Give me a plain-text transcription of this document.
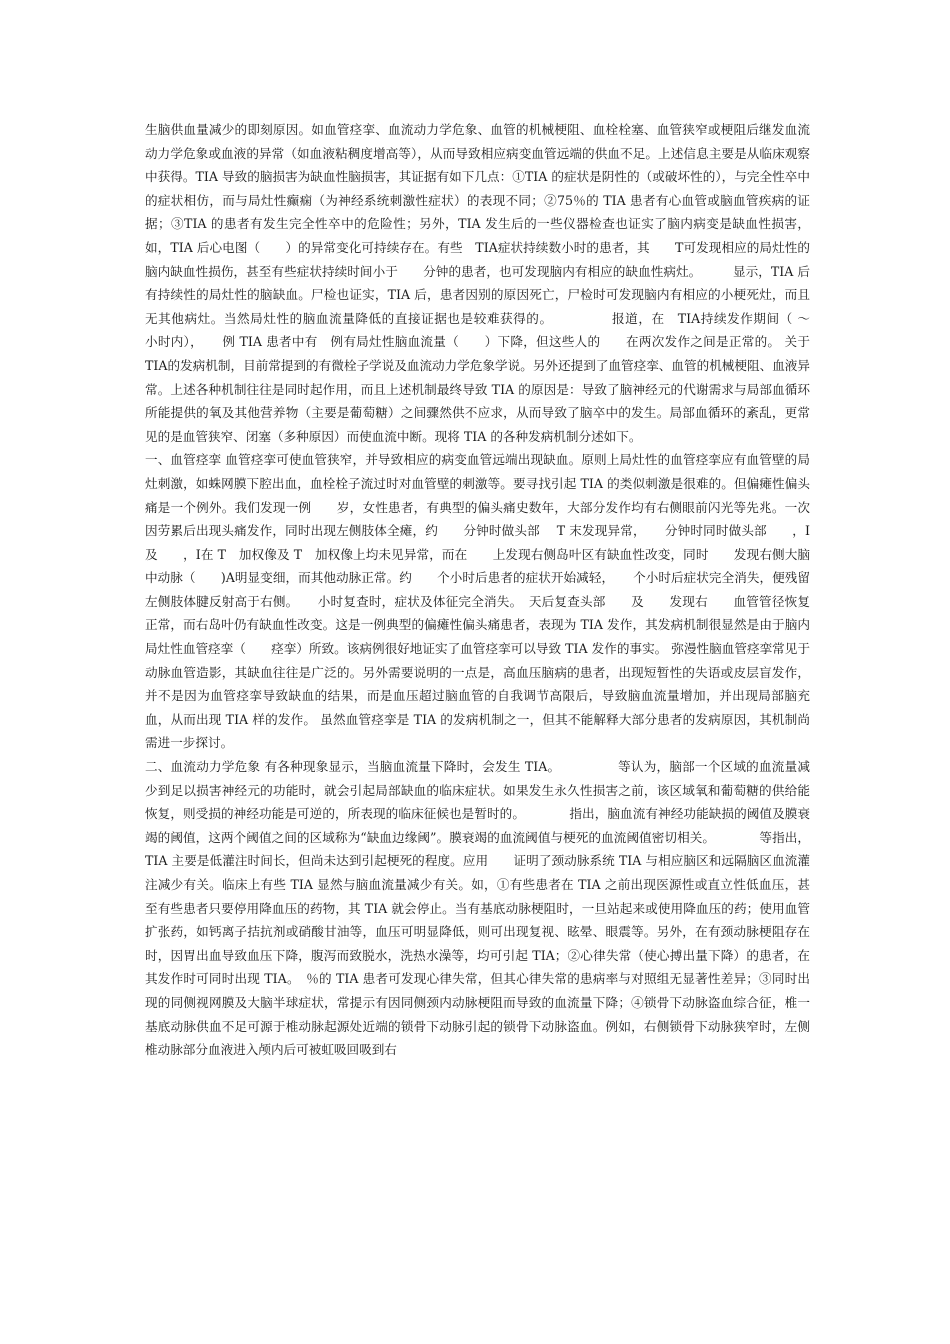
生脑供血量减少的即刻原因。如血管痉挛、血流动力学危象、血管的机械梗阻、血栓栓塞、血管狭窄或梗阻后继发血流动力学危象或血液的异常（如血液粘稠度增高等），从而导致相应病变血管远端的供血不足。上述信息主要是从临床观察中获得。TIA 导致的脑损害为缺血性脑损害，其证据有如下几点：①TIA 的症状是阴性的（或破坏性的），与完全性卒中的症状相仿，而与局灶性癫痫（为神经系统刺激性症状）的表现不同；②75％的 TIA 患者有心血管或脑血管疾病的证据；③TIA 的患者有发生完全性卒中的危险性；另外，TIA 发生后的一些仪器检查也证实了脑内病变是缺血性损害，如，TIA 后心电图（　　）的异常变化可持续存在。有些　TIA症状持续数小时的患者，其　　T可发现相应的局灶性的脑内缺血性损伤，甚至有些症状持续时间小于　　分钟的患者，也可发现脑内有相应的缺血性病灶。　　　显示，TIA 后有持续性的局灶性的脑缺血。尸检也证实，TIA 后，患者因别的原因死亡，尸检时可发现脑内有相应的小梗死灶，而且无其他病灶。当然局灶性的脑血流量降低的直接证据也是较难获得的。　　　　　报道，在　TIA持续发作期间（ ～　　小时内），　　例 TIA 患者中有　例有局灶性脑血流量（　　）下降，但这些人的　　在两次发作之间是正常的。 关于　TIA的发病机制，目前常提到的有微栓子学说及血流动力学危象学说。另外还提到了血管痉挛、血管的机械梗阻、血液异常。上述各种机制往往是同时起作用，而且上述机制最终导致 TIA 的原因是：导致了脑神经元的代谢需求与局部血循环所能提供的氧及其他营养物（主要是葡萄糖）之间骤然供不应求，从而导致了脑卒中的发生。局部血循环的紊乱，更常见的是血管狭窄、闭塞（多种原因）而使血流中断。现将 TIA 的各种发病机制分述如下。

一、血管痉挛 血管痉挛可使血管狭窄，并导致相应的病变血管远端出现缺血。原则上局灶性的血管痉挛应有血管壁的局灶刺激，如蛛网膜下腔出血，血栓栓子流过时对血管壁的刺激等。要寻找引起 TIA 的类似刺激是很难的。但偏瘫性偏头痛是一个例外。我们发现一例　　岁，女性患者，有典型的偏头痛史数年，大部分发作均有右侧眼前闪光等先兆。一次因劳累后出现头痛发作，同时出现左侧肢体全瘫，约　　分钟时做头部　 T 末发现异常，　　分钟时同时做头部　　，I　　及　　，I在 T　加权像及 T　加权像上均未见异常，而在　　上发现右侧岛叶区有缺血性改变，同时　　发现右侧大脑中动脉（　　)A明显变细，而其他动脉正常。约　　个小时后患者的症状开始减轻，　　个小时后症状完全消失，便残留左侧肢体腱反射高于右侧。　　小时复查时，症状及体征完全消失。　天后复查头部　　及　　发现右　　血管管径恢复正常，而右岛叶仍有缺血性改变。这是一例典型的偏瘫性偏头痛患者，表现为 TIA 发作，其发病机制很显然是由于脑内局灶性血管痉挛（　　痉挛）所致。该病例很好地证实了血管痉挛可以导致 TIA 发作的事实。 弥漫性脑血管痉挛常见于动脉血管造影，其缺血往往是广泛的。另外需要说明的一点是，高血压脑病的患者，出现短暂性的失语或皮层盲发作，并不是因为血管痉挛导致缺血的结果，而是血压超过脑血管的自我调节高限后，导致脑血流量增加，并出现局部脑充血，从而出现 TIA 样的发作。 虽然血管痉挛是 TIA 的发病机制之一，但其不能解释大部分患者的发病原因，其机制尚需进一步探讨。

二、血流动力学危象 有各种现象显示，当脑血流量下降时，会发生 TIA。　　　　　等认为，脑部一个区域的血流量减少到足以损害神经元的功能时，就会引起局部缺血的临床症状。如果发生永久性损害之前，该区域氧和葡萄糖的供给能恢复，则受损的神经功能是可逆的，所表现的临床征候也是暂时的。　　　　指出，脑血流有神经功能缺损的阈值及膜衰竭的阈值，这两个阈值之间的区域称为“缺血边缘阈”。膜衰竭的血流阈值与梗死的血流阈值密切相关。　　　　等指出，TIA 主要是低灌注时间长，但尚未达到引起梗死的程度。应用　　证明了颈动脉系统 TIA 与相应脑区和远隔脑区血流灌注减少有关。临床上有些 TIA 显然与脑血流量减少有关。如，①有些患者在 TIA 之前出现医源性或直立性低血压，甚至有些患者只要停用降血压的药物，其 TIA 就会停止。当有基底动脉梗阻时，一旦站起来或使用降血压的药；使用血管扩张药，如钙离子拮抗剂或硝酸甘油等，血压可明显降低，则可出现复视、眩晕、眼震等。另外，在有颈动脉梗阻存在时，因胃出血导致血压下降，腹泻而致脱水，洗热水澡等，均可引起 TIA；②心律失常（使心搏出量下降）的患者，在其发作时可同时出现 TIA。　％的 TIA 患者可发现心律失常，但其心律失常的患病率与对照组无显著性差异；③同时出现的同侧视网膜及大脑半球症状，常提示有因同侧颈内动脉梗阻而导致的血流量下降；④锁骨下动脉盗血综合征，椎一基底动脉供血不足可源于椎动脉起源处近端的锁骨下动脉引起的锁骨下动脉盗血。例如，右侧锁骨下动脉狭窄时，左侧椎动脉部分血液进入颅内后可被虹吸回吸到右
